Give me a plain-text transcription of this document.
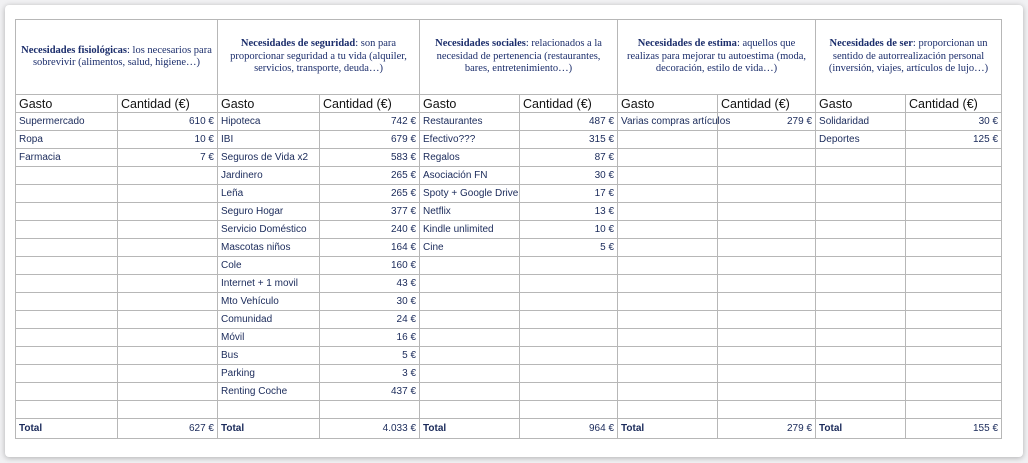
Necesidades fisiológicas: los necesarios para sobrevivir (alimentos, salud, higiene…)		Necesidades de seguridad: son para proporcionar seguridad a tu vida (alquiler, servicios, transporte, deuda…)		Necesidades sociales: relacionados a la necesidad de pertenencia (restaurantes, bares, entretenimiento…)		Necesidades de estima: aquellos que realizas para mejorar tu autoestima (moda, decoración, estilo de vida…)		Necesidades de ser: proporcionan un sentido de autorrealización personal (inversión, viajes, artículos de lujo…)	
Gasto	Cantidad (€)	Gasto	Cantidad (€)	Gasto	Cantidad (€)	Gasto	Cantidad (€)	Gasto	Cantidad (€)
Supermercado	610 €	Hipoteca	742 €	Restaurantes	487 €	Varias compras artículos	279 €	Solidaridad	30 €
Ropa	10 €	IBI	679 €	Efectivo???	315 €			Deportes	125 €
Farmacia	7 €	Seguros de Vida x2	583 €	Regalos	87 €				
		Jardinero	265 €	Asociación FN	30 €				
		Leña	265 €	Spoty + Google Drive	17 €				
		Seguro Hogar	377 €	Netflix	13 €				
		Servicio Doméstico	240 €	Kindle unlimited	10 €				
		Mascotas niños	164 €	Cine	5 €				
		Cole	160 €						
		Internet + 1 movil	43 €						
		Mto Vehículo	30 €						
		Comunidad	24 €						
		Móvil	16 €						
		Bus	5 €						
		Parking	3 €						
		Renting Coche	437 €						

Total	627 €	Total	4.033 €	Total	964 €	Total	279 €	Total	155 €
